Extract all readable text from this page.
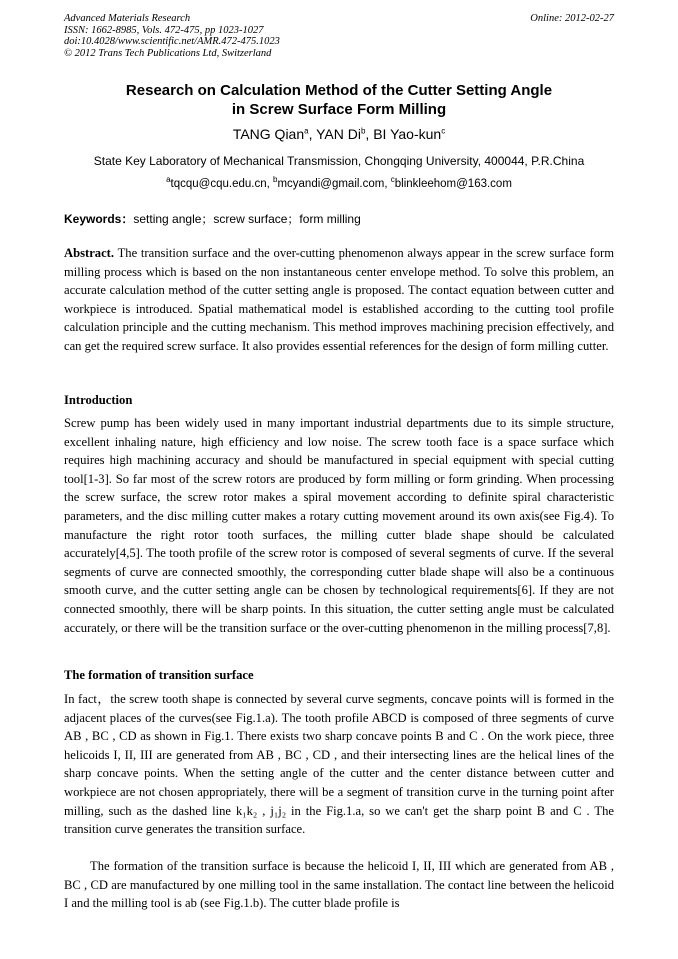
Advanced Materials Research
ISSN: 1662-8985, Vols. 472-475, pp 1023-1027
doi:10.4028/www.scientific.net/AMR.472-475.1023
© 2012 Trans Tech Publications Ltd, Switzerland
Online: 2012-02-27
Research on Calculation Method of the Cutter Setting Angle
in Screw Surface Form Milling
TANG Qian$^a$, YAN Di$^b$, BI Yao-kun$^c$
State Key Laboratory of Mechanical Transmission, Chongqing University, 400044, P.R.China
$^a$tqcqu@cqu.edu.cn, $^b$mcyandi@gmail.com, $^c$blinkleehom@163.com
Keywords：setting angle；screw surface；form milling

Abstract. The transition surface and the over-cutting phenomenon always appear in the screw surface form milling process which is based on the non instantaneous center envelope method. To solve this problem, an accurate calculation method of the cutter setting angle is proposed. The contact equation between cutter and workpiece is introduced. Spatial mathematical model is established according to the cutting tool profile calculation principle and the cutting mechanism. This method improves machining precision effectively, and can get the required screw surface. It also provides essential references for the design of form milling cutter.

Introduction

Screw pump has been widely used in many important industrial departments due to its simple structure, excellent inhaling nature, high efficiency and low noise. The screw tooth face is a space surface which requires high machining accuracy and should be manufactured in special equipment with special cutting tool[1-3]. So far most of the screw rotors are produced by form milling or form grinding. When processing the screw surface, the screw rotor makes a spiral movement according to definite spiral characteristic parameters, and the disc milling cutter makes a rotary cutting movement around its own axis(see Fig.4). To manufacture the right rotor tooth surfaces, the milling cutter blade shape should be calculated accurately[4,5]. The tooth profile of the screw rotor is composed of several segments of curve. If the several segments of curve are connected smoothly, the corresponding cutter blade shape will also be a continuous smooth curve, and the cutter setting angle can be chosen by technological requirements[6]. If they are not connected smoothly, there will be sharp points. In this situation, the cutter setting angle must be calculated accurately, or there will be the transition surface or the over-cutting phenomenon in the milling process[7,8].

The formation of transition surface

In fact，the screw tooth shape is connected by several curve segments, concave points will is formed in the adjacent places of the curves(see Fig.1.a). The tooth profile ABCD is composed of three segments of curve AB , BC , CD as shown in Fig.1. There exists two sharp concave points B and C . On the work piece, three helicoids I, II, III are generated from AB , BC , CD , and their intersecting lines are the helical lines of the sharp concave points. When the setting angle of the cutter and the center distance between cutter and workpiece are not chosen appropriately, there will be a segment of transition curve in the turning point after milling, such as the dashed line k₁k₂ , j₁j₂ in the Fig.1.a, so we can't get the sharp point B and C . The transition curve generates the transition surface.

The formation of the transition surface is because the helicoid I, II, III which are generated from AB , BC , CD are manufactured by one milling tool in the same installation. The contact line between the helicoid I and the milling tool is ab (see Fig.1.b). The cutter blade profile is
